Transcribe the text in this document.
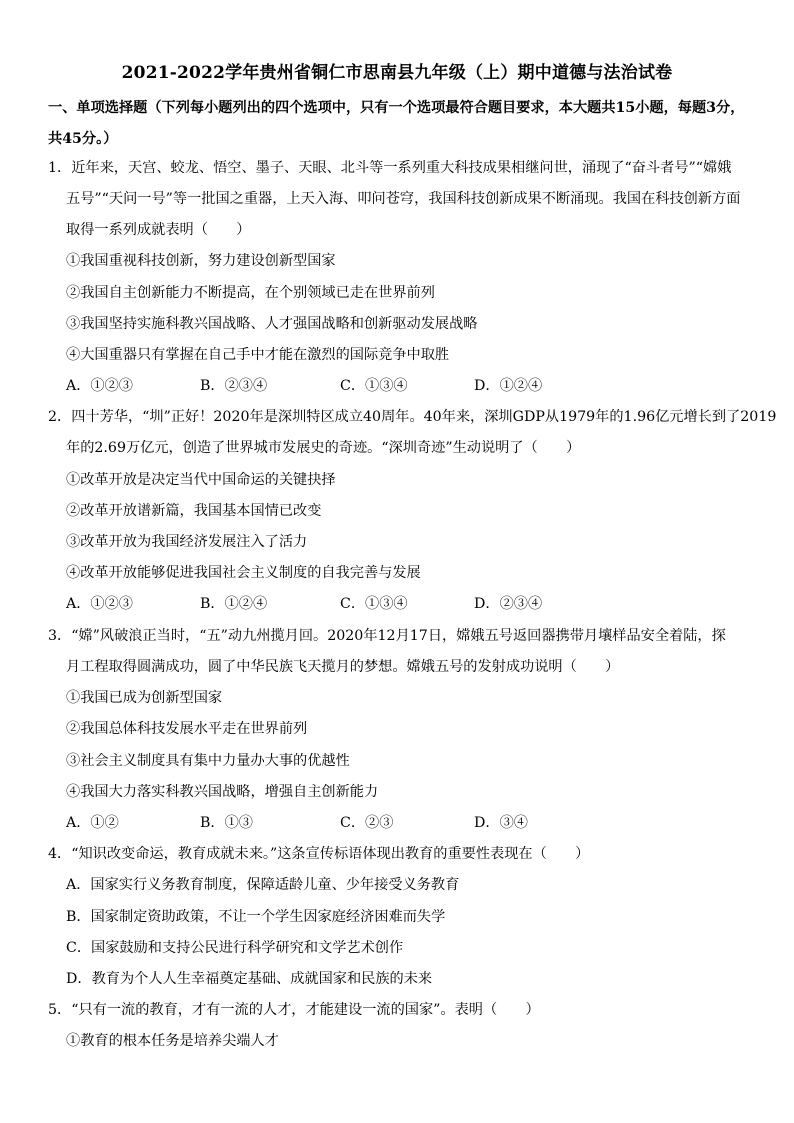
2021-2022学年贵州省铜仁市思南县九年级（上）期中道德与法治试卷
一、单项选择题（下列每小题列出的四个选项中，只有一个选项最符合题目要求，本大题共15小题，每题3分，
共45分。）
1．近年来，天宫、蛟龙、悟空、墨子、天眼、北斗等一系列重大科技成果相继问世，涌现了“奋斗者号”“嫦娥
五号”“天问一号”等一批国之重器，上天入海、叩问苍穹，我国科技创新成果不断涌现。我国在科技创新方面
取得一系列成就表明（　　）
①我国重视科技创新，努力建设创新型国家
②我国自主创新能力不断提高，在个别领域已走在世界前列
③我国坚持实施科教兴国战略、人才强国战略和创新驱动发展战略
④大国重器只有掌握在自己手中才能在激烈的国际竞争中取胜
A．①②③	B．②③④	C．①③④	D．①②④
2．四十芳华，“圳”正好！2020年是深圳特区成立40周年。40年来，深圳GDP从1979年的1.96亿元增长到了2019
年的2.69万亿元，创造了世界城市发展史的奇迹。“深圳奇迹”生动说明了（　　）
①改革开放是决定当代中国命运的关键抉择
②改革开放谱新篇，我国基本国情已改变
③改革开放为我国经济发展注入了活力
④改革开放能够促进我国社会主义制度的自我完善与发展
A．①②③	B．①②④	C．①③④	D．②③④
3．“嫦”风破浪正当时，“五”动九州揽月回。2020年12月17日，嫦娥五号返回器携带月壤样品安全着陆，探
月工程取得圆满成功，圆了中华民族飞天揽月的梦想。嫦娥五号的发射成功说明（　　）
①我国已成为创新型国家
②我国总体科技发展水平走在世界前列
③社会主义制度具有集中力量办大事的优越性
④我国大力落实科教兴国战略，增强自主创新能力
A．①②	B．①③	C．②③	D．③④
4．“知识改变命运，教育成就未来。”这条宣传标语体现出教育的重要性表现在（　　）
A．国家实行义务教育制度，保障适龄儿童、少年接受义务教育
B．国家制定资助政策，不让一个学生因家庭经济困难而失学
C．国家鼓励和支持公民进行科学研究和文学艺术创作
D．教育为个人人生幸福奠定基础、成就国家和民族的未来
5．“只有一流的教育，才有一流的人才，才能建设一流的国家”。表明（　　）
①教育的根本任务是培养尖端人才
